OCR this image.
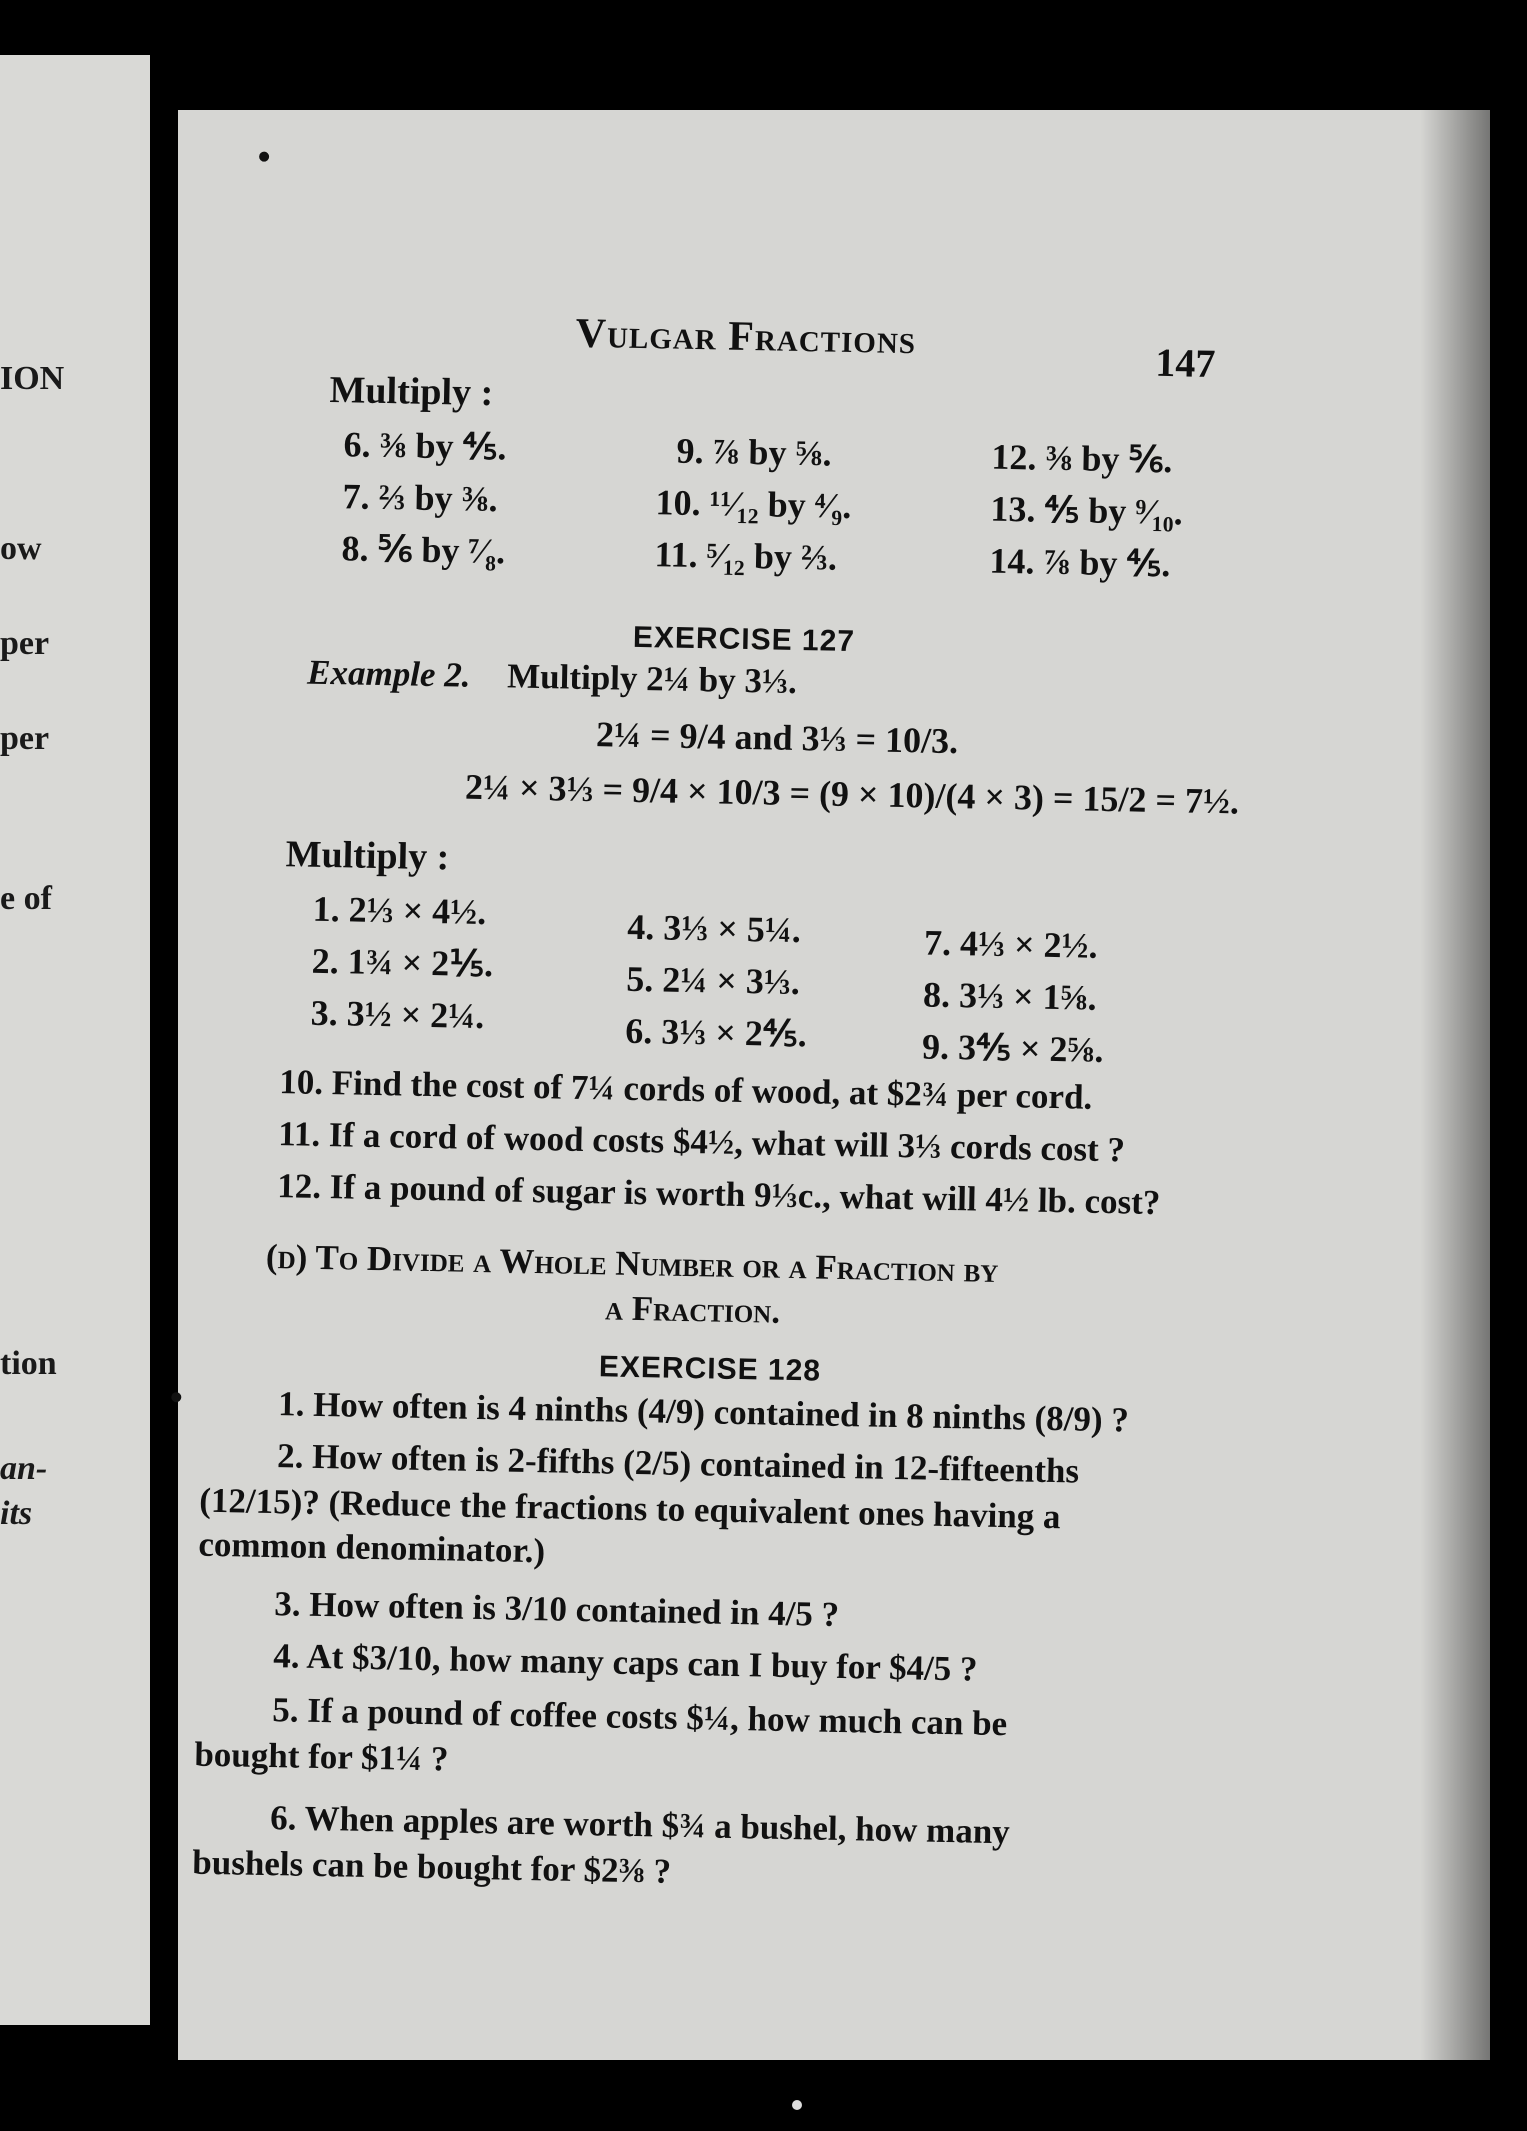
ION
ow
per
per
e of
tion
an-
its
Vulgar Fractions	147
Multiply :
6. ⅜ by ⅘.
7. ⅔ by ⅜.
8. ⅚ by ⁷⁄₈.
9. ⅞ by ⅝.
10. ¹¹⁄₁₂ by ⁴⁄₉.
11. ⁵⁄₁₂ by ⅔.
12. ⅜ by ⅚.
13. ⅘ by ⁹⁄₁₀.
14. ⅞ by ⅘.
EXERCISE 127
Example 2. Multiply 2¼ by 3⅓.
2¼ = 9/4 and 3⅓ = 10/3.
2¼ × 3⅓ = 9/4 × 10/3 = (9 × 10)/(4 × 3) = 15/2 = 7½.
Multiply :
1. 2⅓ × 4½.
2. 1¾ × 2⅕.
3. 3½ × 2¼.
4. 3⅓ × 5¼.
5. 2¼ × 3⅓.
6. 3⅓ × 2⅘.
7. 4⅓ × 2½.
8. 3⅓ × 1⅝.
9. 3⅘ × 2⅝.
10. Find the cost of 7¼ cords of wood, at $2¾ per cord.
11. If a cord of wood costs $4½, what will 3⅓ cords cost ?
12. If a pound of sugar is worth 9⅓c., what will 4½ lb. cost?
(d) To Divide a Whole Number or a Fraction by
a Fraction.
EXERCISE 128
1. How often is 4 ninths (4/9) contained in 8 ninths (8/9) ?
2. How often is 2-fifths (2/5) contained in 12-fifteenths
(12/15)? (Reduce the fractions to equivalent ones having a
common denominator.)
3. How often is 3/10 contained in 4/5 ?
4. At $3/10, how many caps can I buy for $4/5 ?
5. If a pound of coffee costs $¼, how much can be
bought for $1¼ ?
6. When apples are worth $¾ a bushel, how many
bushels can be bought for $2⅜ ?
